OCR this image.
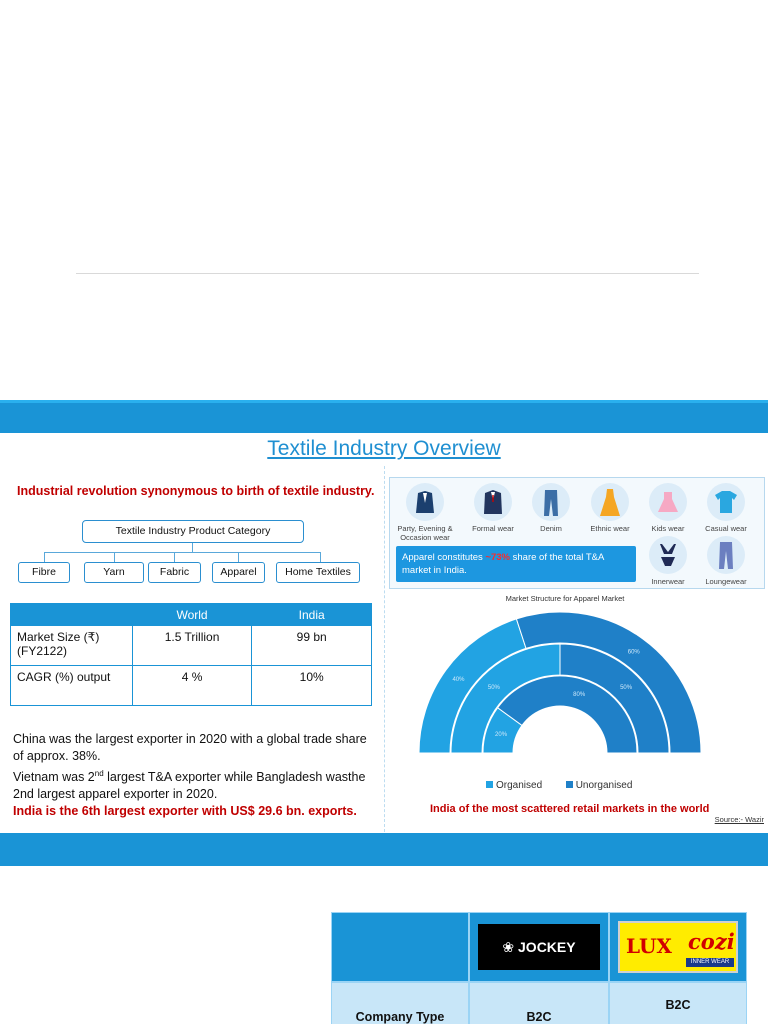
Textile Industry Overview
Industrial revolution synonymous to birth of textile industry.
Textile Industry Product Category
Fibre	Yarn	Fabric	Apparel	Home Textiles
	World	India
Market Size (₹) (FY2122)	1.5 Trillion	99 bn
CAGR (%) output	4 %	10%
China was the largest exporter in 2020 with a global trade share of approx. 38%.
Vietnam was 2nd largest T&A exporter while Bangladesh wasthe 2nd largest apparel exporter in 2020.
India is the 6th largest exporter with US$ 29.6 bn. exports.
Party, Evening & Occasion wear
Formal wear	Denim	Ethnic wear	Kids wear	Casual wear
Innerwear	Loungewear
Apparel constitutes ~73% share of the total T&A market in India.
Market Structure for Apparel Market
40%
60%
50%	50%
20%
80%
Organised	Unorganised
India of the most scattered retail markets in the world
Source:- Wazir

	❀ JOCKEY	LUX cozi
INNER WEAR

Company Type	B2C	B2C
